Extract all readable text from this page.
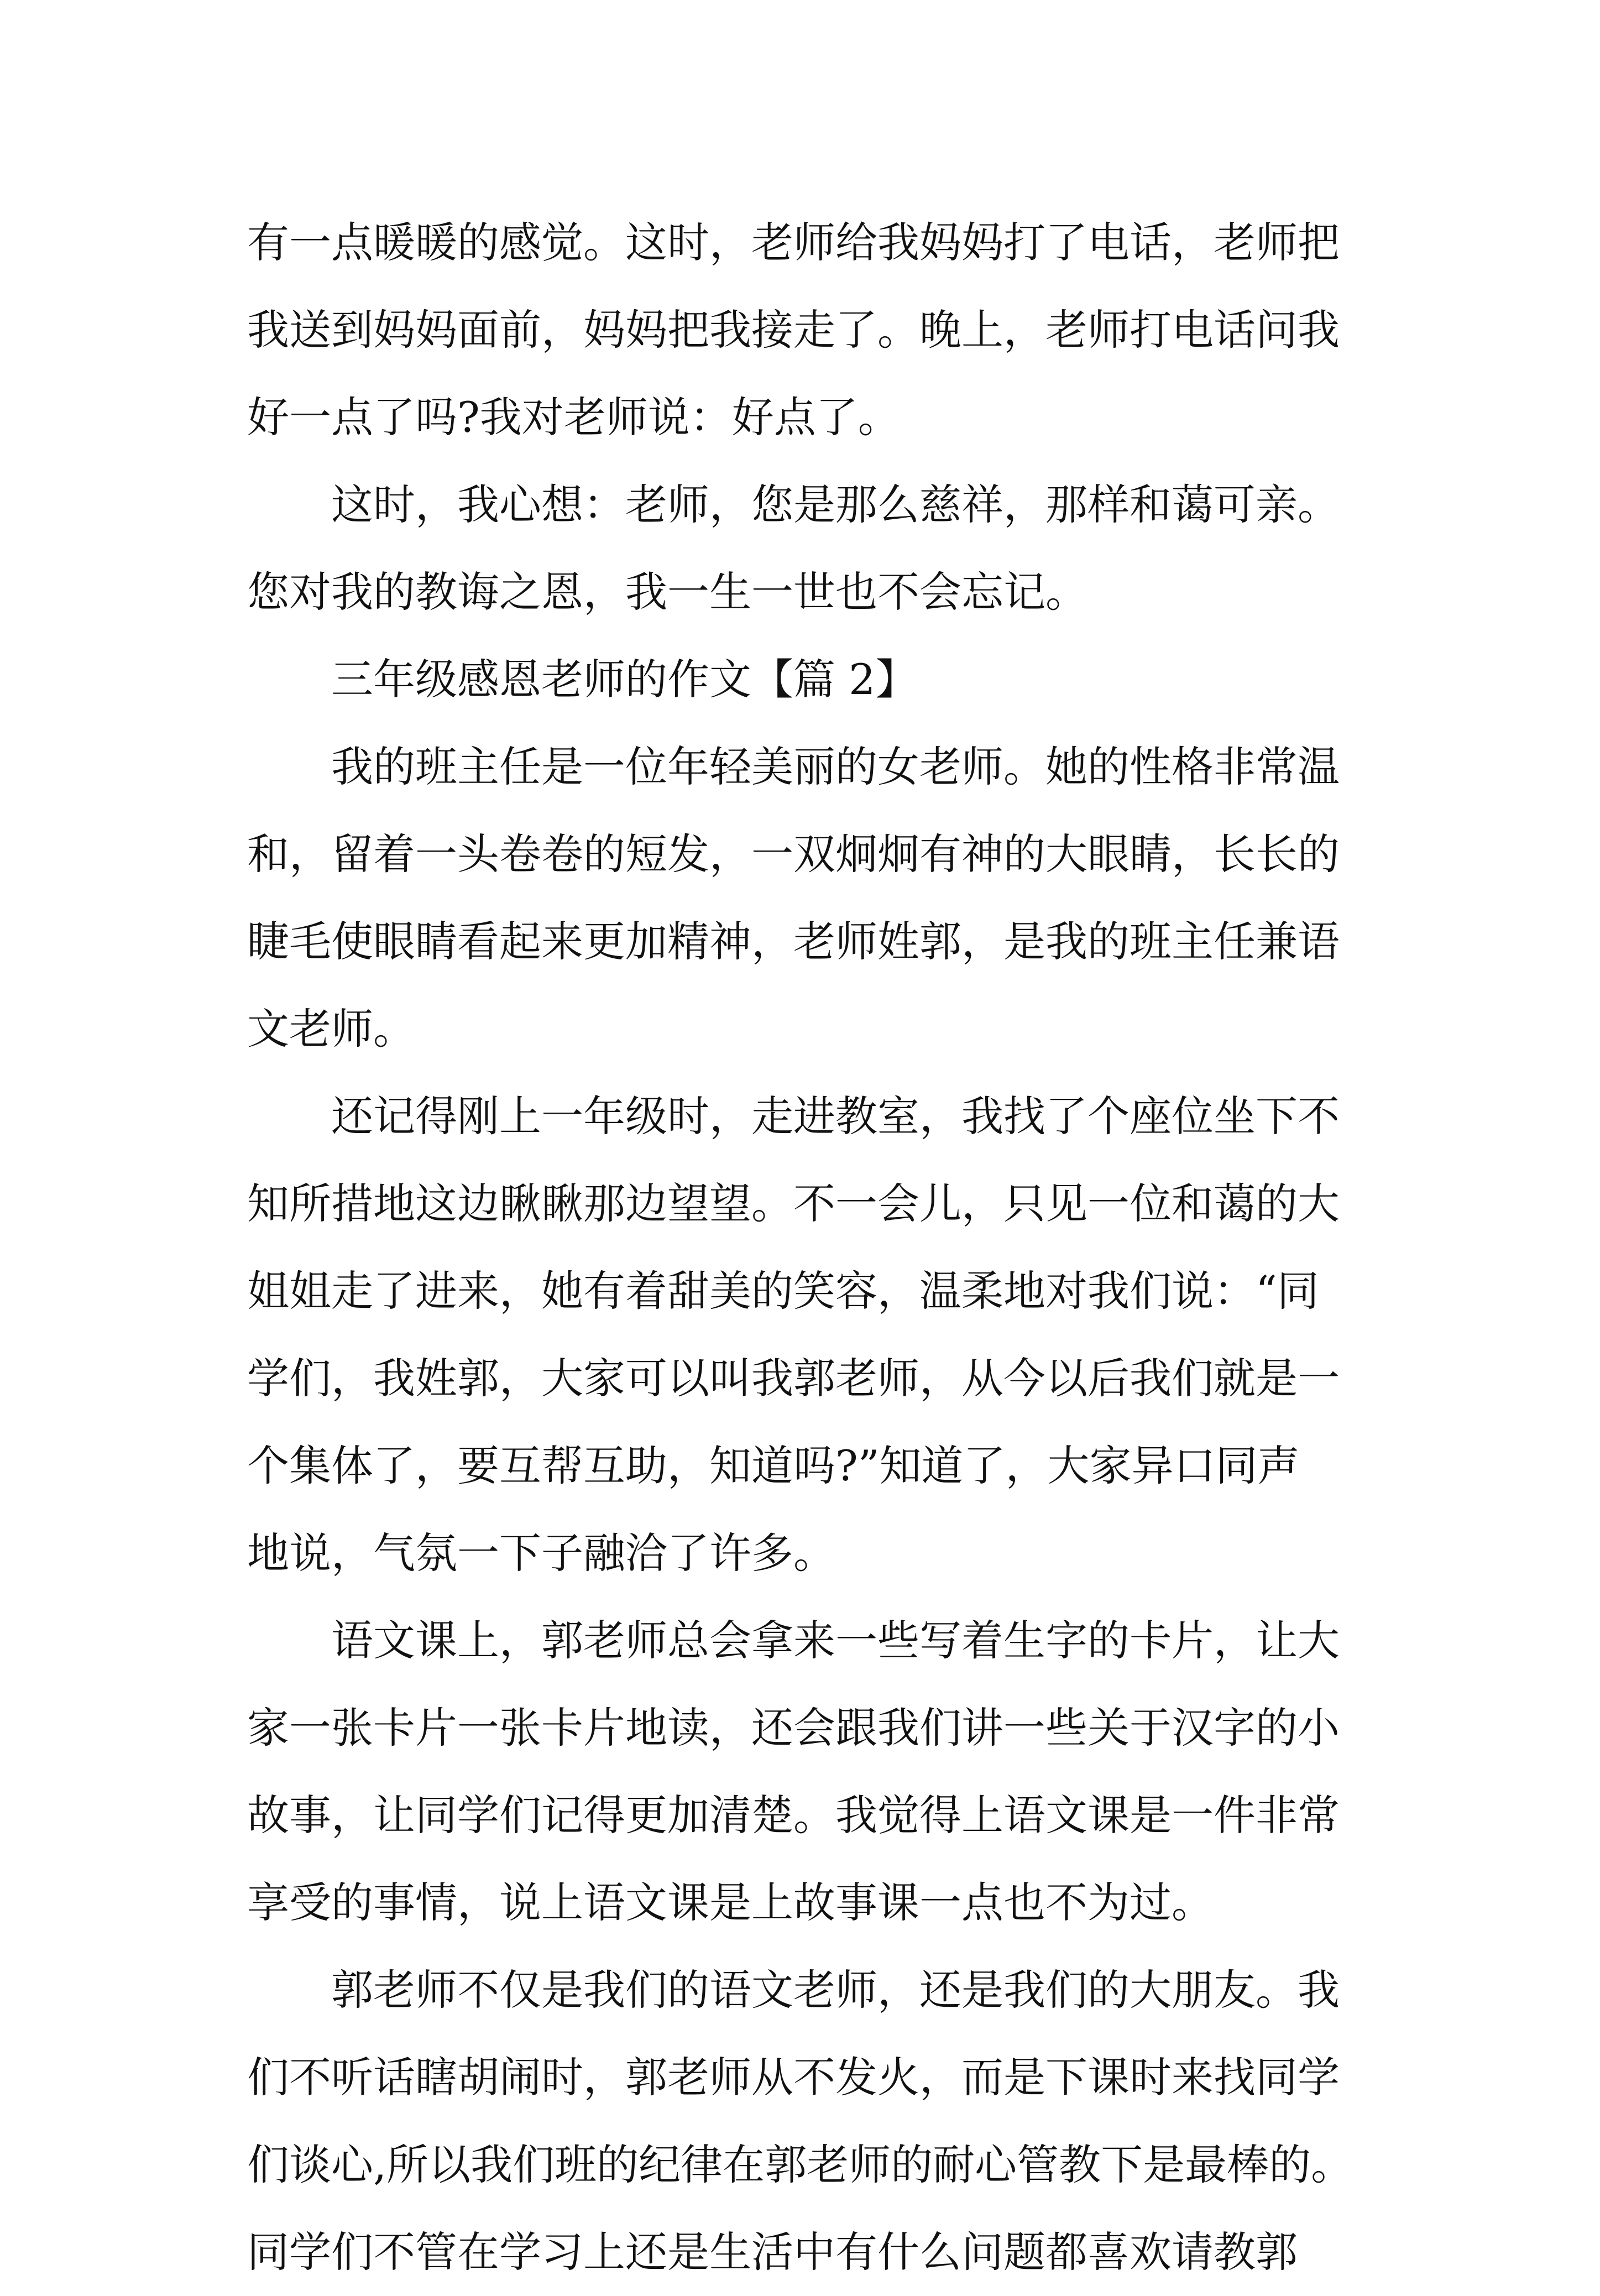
有一点暖暖的感觉。这时，老师给我妈妈打了电话，老师把
我送到妈妈面前，妈妈把我接走了。晚上，老师打电话问我
好一点了吗?我对老师说：好点了。
这时，我心想：老师，您是那么慈祥，那样和蔼可亲。
您对我的教诲之恩，我一生一世也不会忘记。
三年级感恩老师的作文【篇 2】
我的班主任是一位年轻美丽的女老师。她的性格非常温
和，留着一头卷卷的短发，一双炯炯有神的大眼睛，长长的
睫毛使眼睛看起来更加精神，老师姓郭，是我的班主任兼语
文老师。
还记得刚上一年级时，走进教室，我找了个座位坐下不
知所措地这边瞅瞅那边望望。不一会儿，只见一位和蔼的大
姐姐走了进来，她有着甜美的笑容，温柔地对我们说：“同
学们，我姓郭，大家可以叫我郭老师，从今以后我们就是一
个集体了，要互帮互助，知道吗?”知道了，大家异口同声
地说，气氛一下子融洽了许多。
语文课上，郭老师总会拿来一些写着生字的卡片，让大
家一张卡片一张卡片地读，还会跟我们讲一些关于汉字的小
故事，让同学们记得更加清楚。我觉得上语文课是一件非常
享受的事情，说上语文课是上故事课一点也不为过。
郭老师不仅是我们的语文老师，还是我们的大朋友。我
们不听话瞎胡闹时，郭老师从不发火，而是下课时来找同学
们谈心,所以我们班的纪律在郭老师的耐心管教下是最棒的。
同学们不管在学习上还是生活中有什么问题都喜欢请教郭
